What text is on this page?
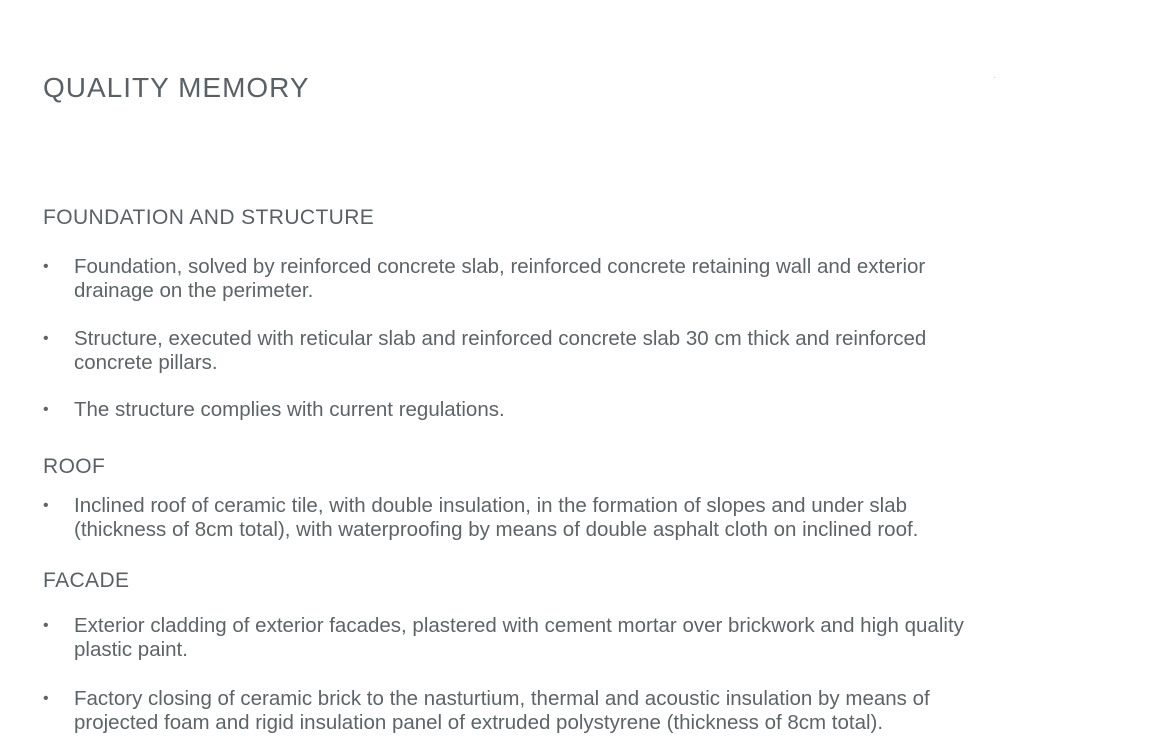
QUALITY MEMORY
FOUNDATION AND STRUCTURE
• Foundation, solved by reinforced concrete slab, reinforced concrete retaining wall and exterior
drainage on the perimeter.
• Structure, executed with reticular slab and reinforced concrete slab 30 cm thick and reinforced
concrete pillars.
• The structure complies with current regulations.
ROOF
• Inclined roof of ceramic tile, with double insulation, in the formation of slopes and under slab
(thickness of 8cm total), with waterproofing by means of double asphalt cloth on inclined roof.
FACADE
• Exterior cladding of exterior facades, plastered with cement mortar over brickwork and high quality
plastic paint.
• Factory closing of ceramic brick to the nasturtium, thermal and acoustic insulation by means of
projected foam and rigid insulation panel of extruded polystyrene (thickness of 8cm total).
